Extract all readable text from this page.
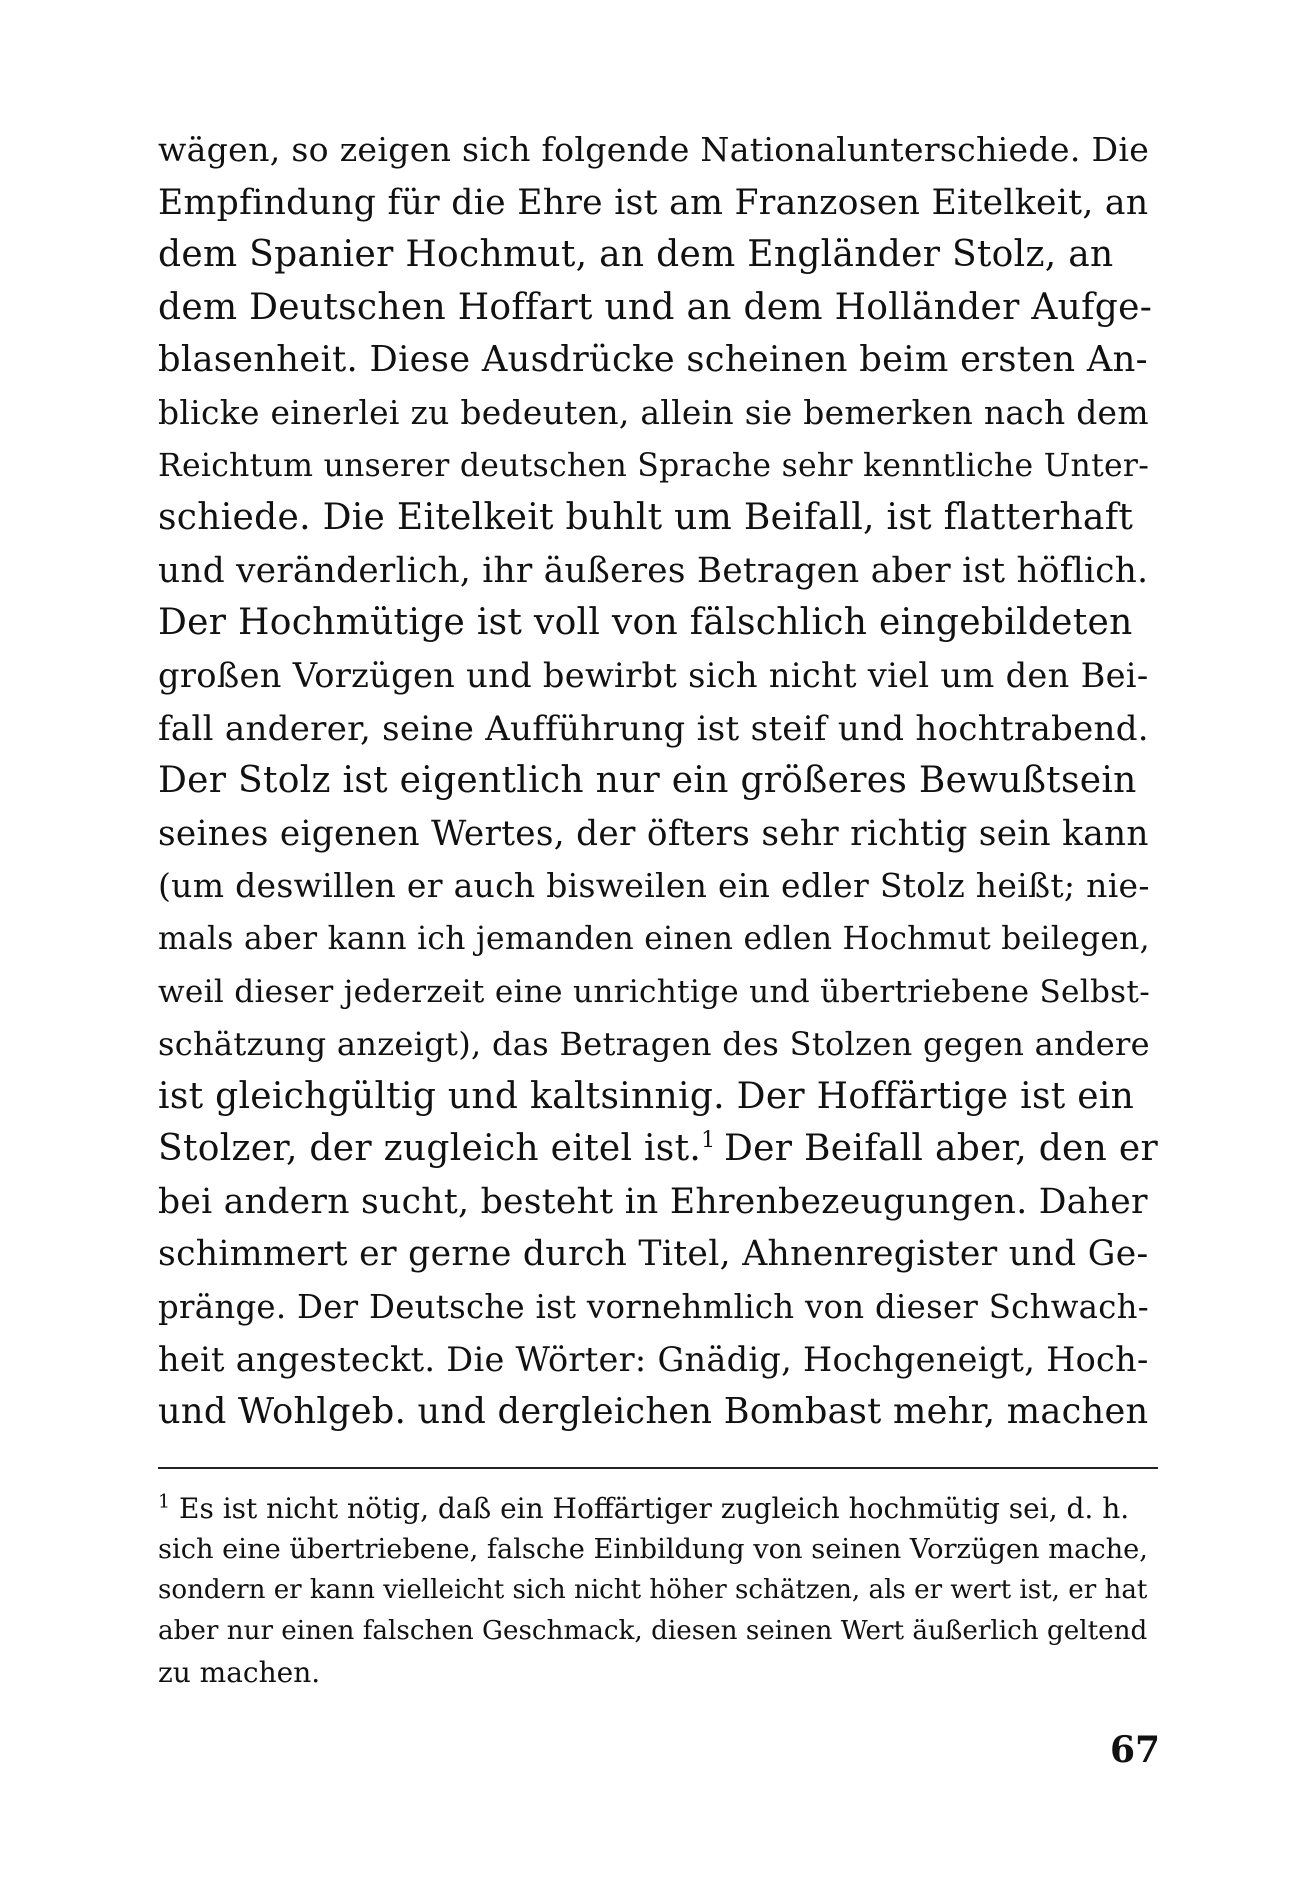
wägen, so zeigen sich folgende Nationalunterschiede. Die
Empfindung für die Ehre ist am Franzosen Eitelkeit, an
dem Spanier Hochmut, an dem Engländer Stolz, an
dem Deutschen Hoffart und an dem Holländer Aufge-
blasenheit. Diese Ausdrücke scheinen beim ersten An-
blicke einerlei zu bedeuten, allein sie bemerken nach dem
Reichtum unserer deutschen Sprache sehr kenntliche Unter-
schiede. Die Eitelkeit buhlt um Beifall, ist flatterhaft
und veränderlich, ihr äußeres Betragen aber ist höflich.
Der Hochmütige ist voll von fälschlich eingebildeten
großen Vorzügen und bewirbt sich nicht viel um den Bei-
fall anderer, seine Aufführung ist steif und hochtrabend.
Der Stolz ist eigentlich nur ein größeres Bewußtsein
seines eigenen Wertes, der öfters sehr richtig sein kann
(um deswillen er auch bisweilen ein edler Stolz heißt; nie-
mals aber kann ich jemanden einen edlen Hochmut beilegen,
weil dieser jederzeit eine unrichtige und übertriebene Selbst-
schätzung anzeigt), das Betragen des Stolzen gegen andere
ist gleichgültig und kaltsinnig. Der Hoffärtige ist ein
Stolzer, der zugleich eitel ist.$^1$ Der Beifall aber, den er
bei andern sucht, besteht in Ehrenbezeugungen. Daher
schimmert er gerne durch Titel, Ahnenregister und Ge-
pränge. Der Deutsche ist vornehmlich von dieser Schwach-
heit angesteckt. Die Wörter: Gnädig, Hochgeneigt, Hoch-
und Wohlgeb. und dergleichen Bombast mehr, machen
$^1$ Es ist nicht nötig, daß ein Hoffärtiger zugleich hochmütig sei, d. h.
sich eine übertriebene, falsche Einbildung von seinen Vorzügen mache,
sondern er kann vielleicht sich nicht höher schätzen, als er wert ist, er hat
aber nur einen falschen Geschmack, diesen seinen Wert äußerlich geltend
zu machen.
67
